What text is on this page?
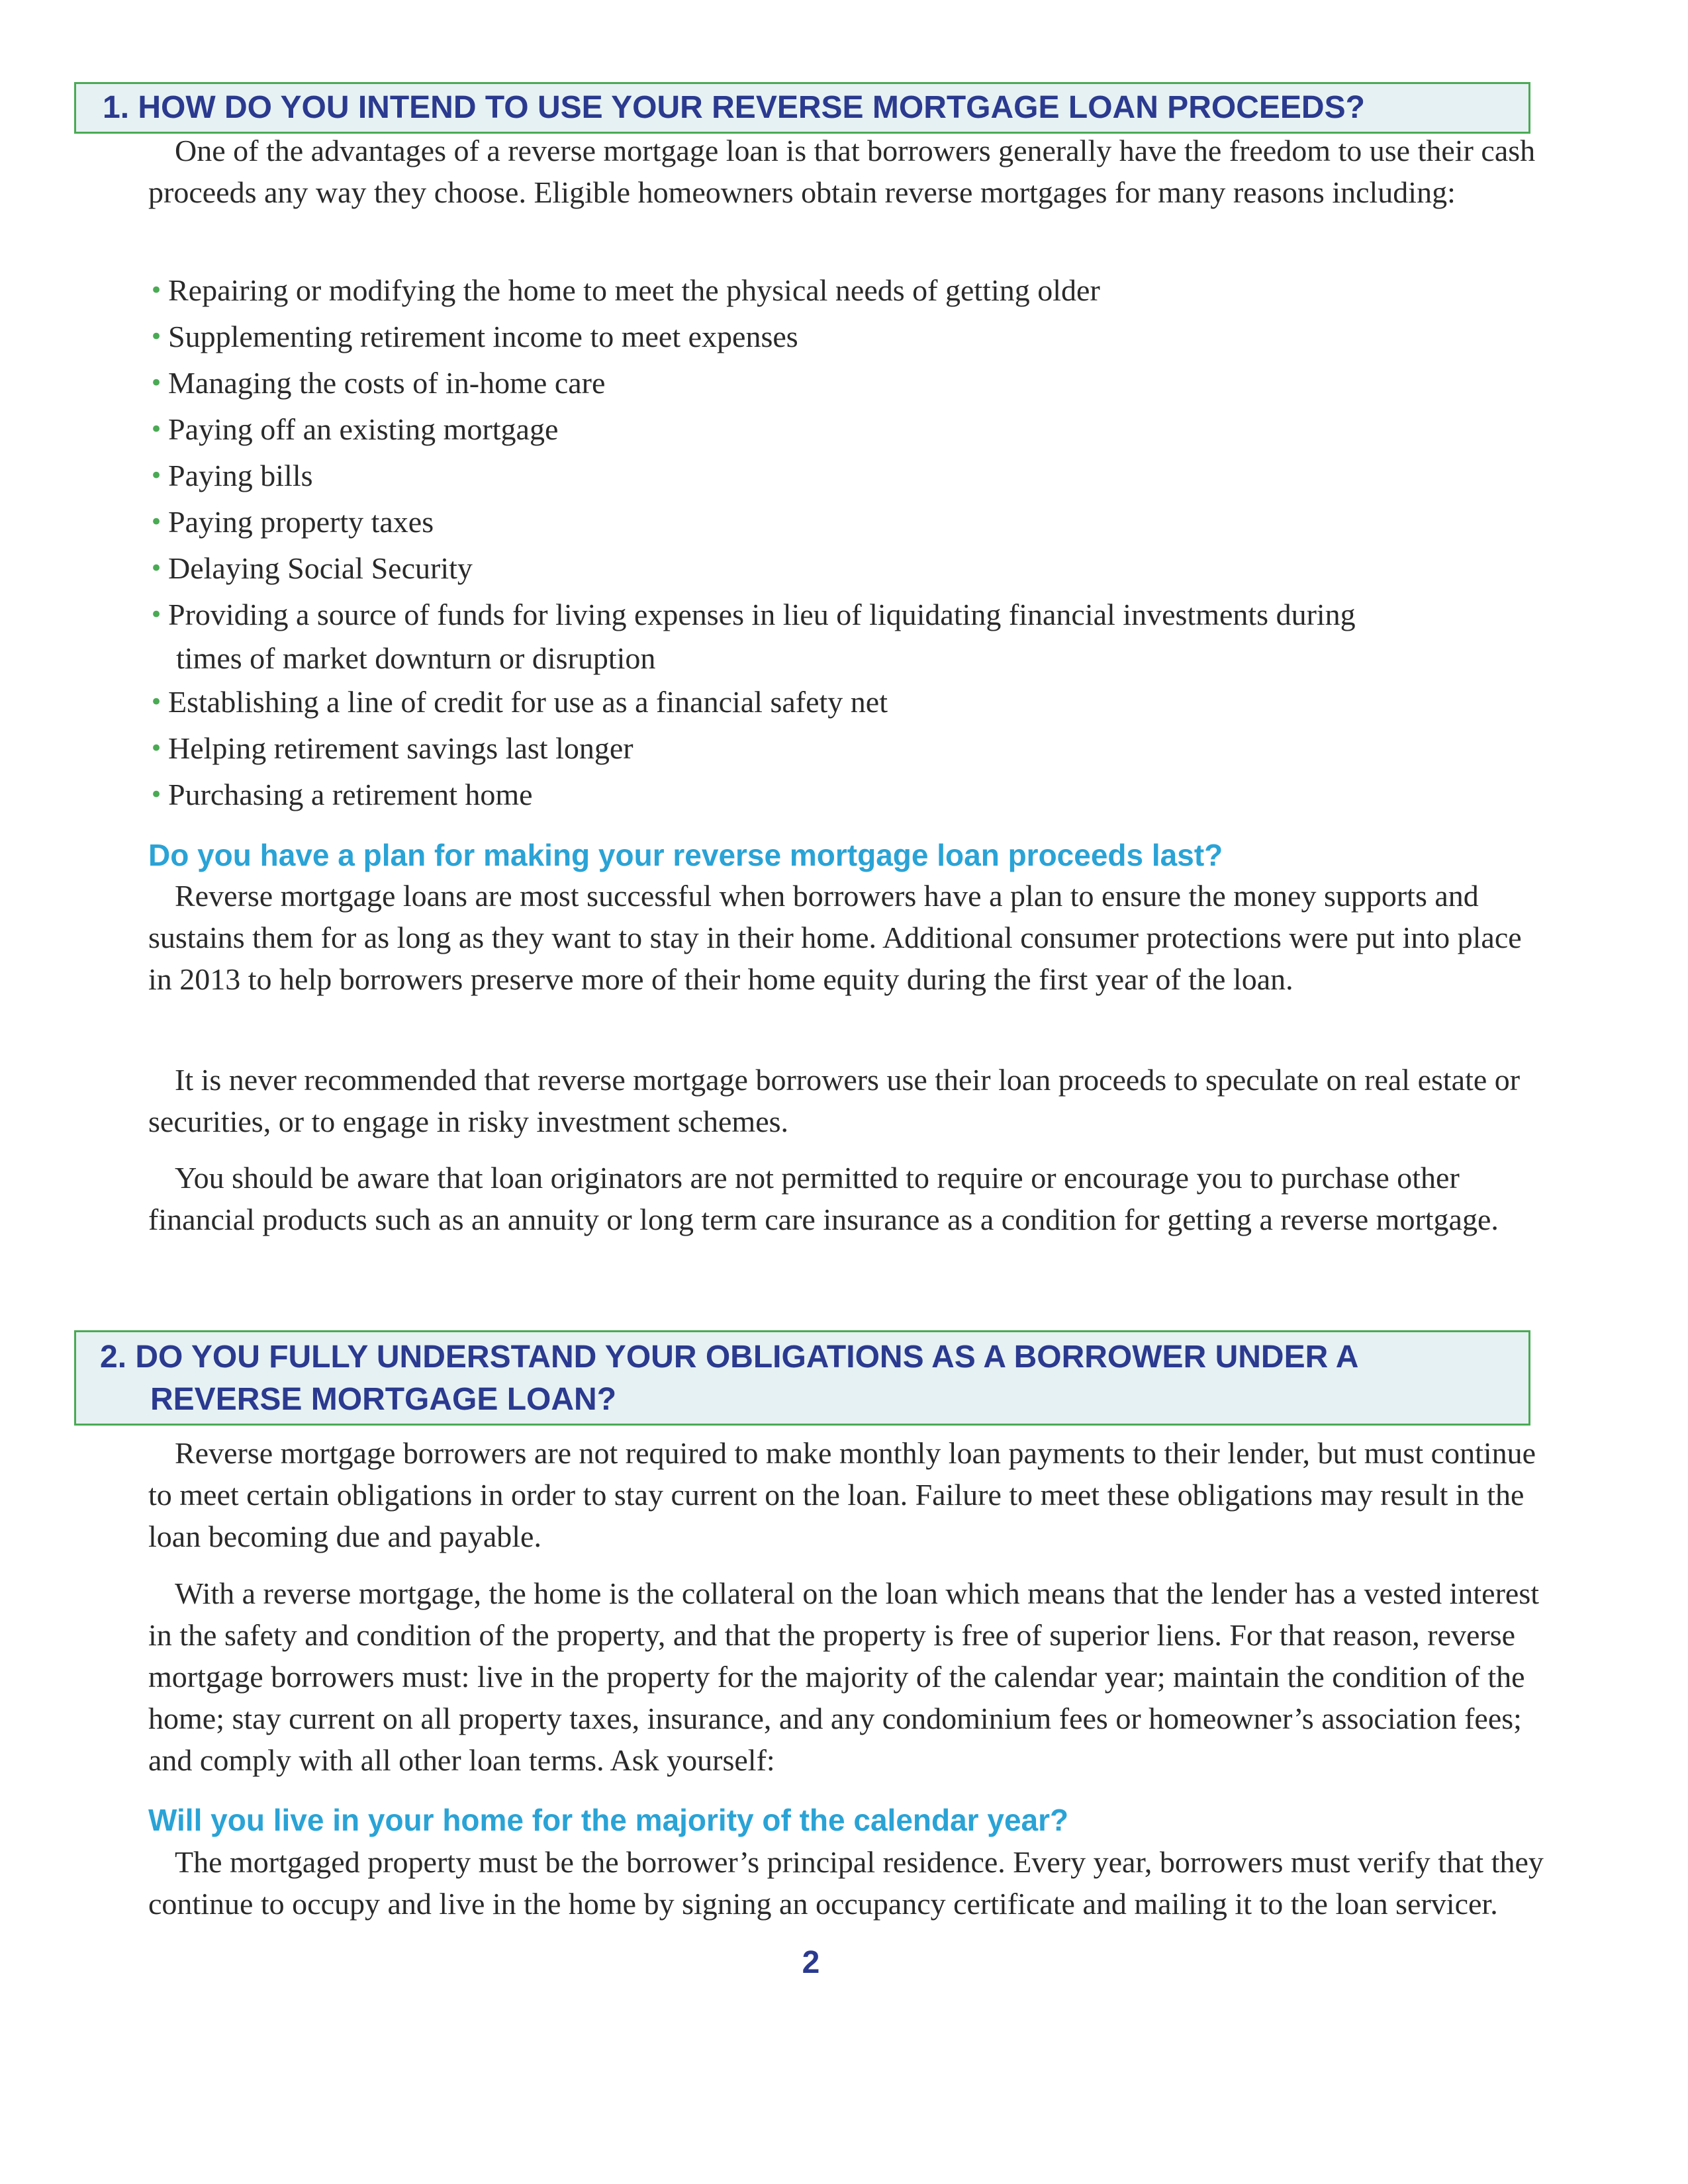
1. HOW DO YOU INTEND TO USE YOUR REVERSE MORTGAGE LOAN PROCEEDS?

One of the advantages of a reverse mortgage loan is that borrowers generally have the freedom to use their cash proceeds any way they choose. Eligible homeowners obtain reverse mortgages for many reasons including:

• Repairing or modifying the home to meet the physical needs of getting older
• Supplementing retirement income to meet expenses
• Managing the costs of in-home care
• Paying off an existing mortgage
• Paying bills
• Paying property taxes
• Delaying Social Security
• Providing a source of funds for living expenses in lieu of liquidating financial investments during
times of market downturn or disruption
• Establishing a line of credit for use as a financial safety net
• Helping retirement savings last longer
• Purchasing a retirement home
Do you have a plan for making your reverse mortgage loan proceeds last?

Reverse mortgage loans are most successful when borrowers have a plan to ensure the money supports and sustains them for as long as they want to stay in their home. Additional consumer protections were put into place in 2013 to help borrowers preserve more of their home equity during the first year of the loan.

It is never recommended that reverse mortgage borrowers use their loan proceeds to speculate on real estate or securities, or to engage in risky investment schemes.

You should be aware that loan originators are not permitted to require or encourage you to purchase other financial products such as an annuity or long term care insurance as a condition for getting a reverse mortgage.

2. DO YOU FULLY UNDERSTAND YOUR OBLIGATIONS AS A BORROWER UNDER A REVERSE MORTGAGE LOAN?

Reverse mortgage borrowers are not required to make monthly loan payments to their lender, but must continue to meet certain obligations in order to stay current on the loan. Failure to meet these obligations may result in the loan becoming due and payable.

With a reverse mortgage, the home is the collateral on the loan which means that the lender has a vested interest in the safety and condition of the property, and that the property is free of superior liens. For that reason, reverse mortgage borrowers must: live in the property for the majority of the calendar year; maintain the condition of the home; stay current on all property taxes, insurance, and any condominium fees or homeowner’s association fees; and comply with all other loan terms. Ask yourself:

Will you live in your home for the majority of the calendar year?

The mortgaged property must be the borrower’s principal residence. Every year, borrowers must verify that they continue to occupy and live in the home by signing an occupancy certificate and mailing it to the loan servicer.

2
